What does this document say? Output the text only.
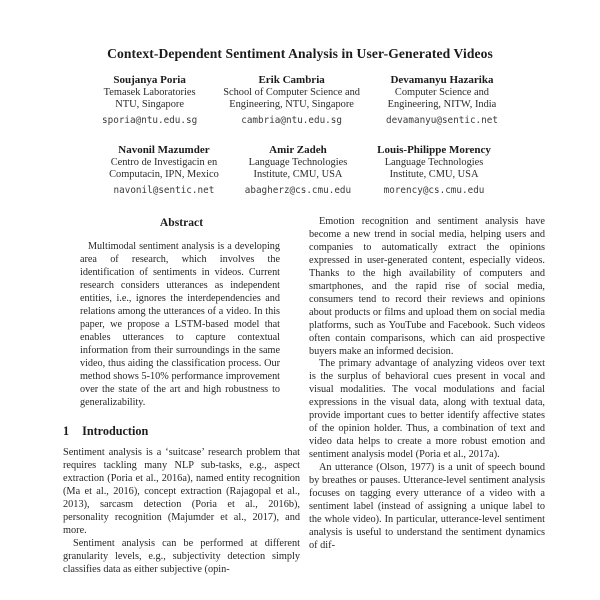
Context-Dependent Sentiment Analysis in User-Generated Videos
Soujanya Poria
Temasek Laboratories
NTU, Singapore
sporia@ntu.edu.sg
Erik Cambria
School of Computer Science and
Engineering, NTU, Singapore
cambria@ntu.edu.sg
Devamanyu Hazarika
Computer Science and
Engineering, NITW, India
devamanyu@sentic.net
Navonil Mazumder
Centro de Investigacin en
Computacin, IPN, Mexico
navonil@sentic.net
Amir Zadeh
Language Technologies
Institute, CMU, USA
abagherz@cs.cmu.edu
Louis-Philippe Morency
Language Technologies
Institute, CMU, USA
morency@cs.cmu.edu
Abstract

Multimodal sentiment analysis is a developing area of research, which involves the identification of sentiments in videos. Current research considers utterances as independent entities, i.e., ignores the interdependencies and relations among the utterances of a video. In this paper, we propose a LSTM-based model that enables utterances to capture contextual information from their surroundings in the same video, thus aiding the classification process. Our method shows 5-10% performance improvement over the state of the art and high robustness to generalizability.

1 Introduction

Sentiment analysis is a ‘suitcase’ research problem that requires tackling many NLP sub-tasks, e.g., aspect extraction (Poria et al., 2016a), named entity recognition (Ma et al., 2016), concept extraction (Rajagopal et al., 2013), sarcasm detection (Poria et al., 2016b), personality recognition (Majumder et al., 2017), and more.

Sentiment analysis can be performed at different granularity levels, e.g., subjectivity detection simply classifies data as either subjective (opin-

Emotion recognition and sentiment analysis have become a new trend in social media, helping users and companies to automatically extract the opinions expressed in user-generated content, especially videos. Thanks to the high availability of computers and smartphones, and the rapid rise of social media, consumers tend to record their reviews and opinions about products or films and upload them on social media platforms, such as YouTube and Facebook. Such videos often contain comparisons, which can aid prospective buyers make an informed decision.

The primary advantage of analyzing videos over text is the surplus of behavioral cues present in vocal and visual modalities. The vocal modulations and facial expressions in the visual data, along with textual data, provide important cues to better identify affective states of the opinion holder. Thus, a combination of text and video data helps to create a more robust emotion and sentiment analysis model (Poria et al., 2017a).

An utterance (Olson, 1977) is a unit of speech bound by breathes or pauses. Utterance-level sentiment analysis focuses on tagging every utterance of a video with a sentiment label (instead of assigning a unique label to the whole video). In particular, utterance-level sentiment analysis is useful to understand the sentiment dynamics of dif-
